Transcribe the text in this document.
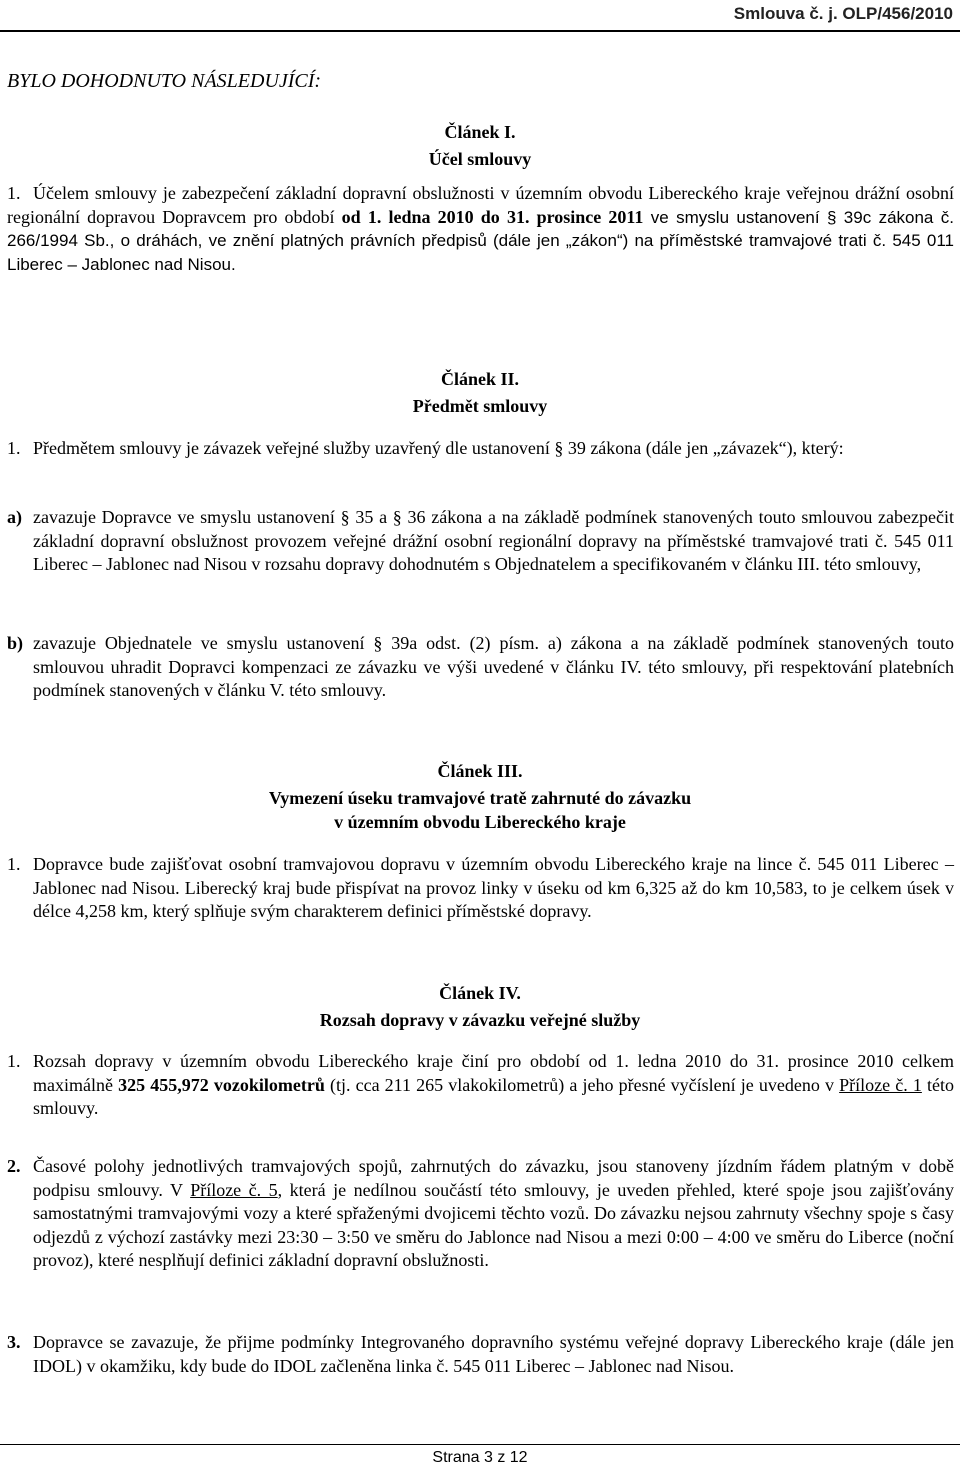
Smlouva č. j. OLP/456/2010
BYLO DOHODNUTO NÁSLEDUJÍCÍ:
Článek I.
Účel smlouvy
1. Účelem smlouvy je zabezpečení základní dopravní obslužnosti v územním obvodu Libereckého kraje veřejnou drážní osobní regionální dopravou Dopravcem pro období od 1. ledna 2010 do 31. prosince 2011 ve smyslu ustanovení § 39c zákona č. 266/1994 Sb., o dráhách, ve znění platných právních předpisů (dále jen „zákon“) na příměstské tramvajové trati č. 545 011 Liberec – Jablonec nad Nisou.
Článek II.
Předmět smlouvy
1. Předmětem smlouvy je závazek veřejné služby uzavřený dle ustanovení § 39 zákona (dále jen „závazek“), který:
a) zavazuje Dopravce ve smyslu ustanovení § 35 a § 36 zákona a na základě podmínek stanovených touto smlouvou zabezpečit základní dopravní obslužnost provozem veřejné drážní osobní regionální dopravy na příměstské tramvajové trati č. 545 011 Liberec – Jablonec nad Nisou v rozsahu dopravy dohodnutém s Objednatelem a specifikovaném v článku III. této smlouvy,
b) zavazuje Objednatele ve smyslu ustanovení § 39a odst. (2) písm. a) zákona a na základě podmínek stanovených touto smlouvou uhradit Dopravci kompenzaci ze závazku ve výši uvedené v článku IV. této smlouvy, při respektování platebních podmínek stanovených v článku V. této smlouvy.
Článek III.
Vymezení úseku tramvajové tratě zahrnuté do závazku
v územním obvodu Libereckého kraje
1. Dopravce bude zajišťovat osobní tramvajovou dopravu v územním obvodu Libereckého kraje na lince č. 545 011 Liberec – Jablonec nad Nisou. Liberecký kraj bude přispívat na provoz linky v úseku od km 6,325 až do km 10,583, to je celkem úsek v délce 4,258 km, který splňuje svým charakterem definici příměstské dopravy.
Článek IV.
Rozsah dopravy v závazku veřejné služby
1. Rozsah dopravy v územním obvodu Libereckého kraje činí pro období od 1. ledna 2010 do 31. prosince 2010 celkem maximálně 325 455,972 vozokilometrů (tj. cca 211 265 vlakokilometrů) a jeho přesné vyčíslení je uvedeno v Příloze č. 1 této smlouvy.
2. Časové polohy jednotlivých tramvajových spojů, zahrnutých do závazku, jsou stanoveny jízdním řádem platným v době podpisu smlouvy. V Příloze č. 5, která je nedílnou součástí této smlouvy, je uveden přehled, které spoje jsou zajišťovány samostatnými tramvajovými vozy a které spřaženými dvojicemi těchto vozů. Do závazku nejsou zahrnuty všechny spoje s časy odjezdů z výchozí zastávky mezi 23:30 – 3:50 ve směru do Jablonce nad Nisou a mezi 0:00 – 4:00 ve směru do Liberce (noční provoz), které nesplňují definici základní dopravní obslužnosti.
3. Dopravce se zavazuje, že přijme podmínky Integrovaného dopravního systému veřejné dopravy Libereckého kraje (dále jen IDOL) v okamžiku, kdy bude do IDOL začleněna linka č. 545 011 Liberec – Jablonec nad Nisou.
Strana 3 z 12
